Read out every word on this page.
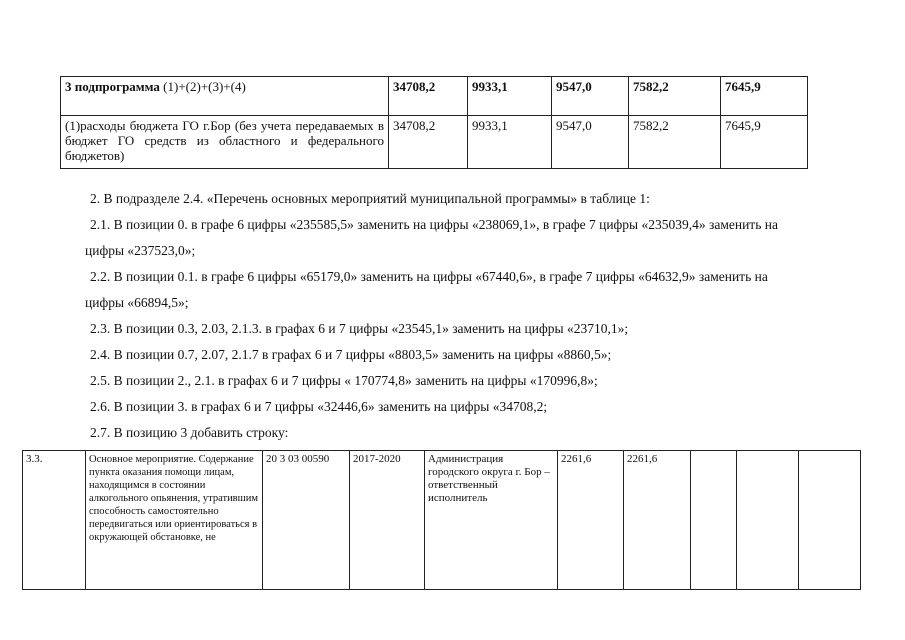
3 подпрограмма (1)+(2)+(3)+(4)	34708,2	9933,1	9547,0	7582,2	7645,9
(1)расходы бюджета ГО г.Бор (без учета передаваемых в бюджет ГО средств из областного и федерального бюджетов)	34708,2	9933,1	9547,0	7582,2	7645,9

2. В подразделе 2.4. «Перечень основных мероприятий муниципальной программы» в таблице 1:

2.1. В позиции 0. в графе 6 цифры «235585,5» заменить на цифры «238069,1», в графе 7 цифры «235039,4» заменить на

цифры «237523,0»;

2.2. В позиции 0.1. в графе 6 цифры «65179,0» заменить на цифры «67440,6», в графе 7 цифры «64632,9» заменить на

цифры «66894,5»;

2.3. В позиции 0.3, 2.03, 2.1.3. в графах 6 и 7 цифры «23545,1» заменить на цифры «23710,1»;

2.4. В позиции 0.7, 2.07, 2.1.7 в графах 6 и 7 цифры «8803,5» заменить на цифры «8860,5»;

2.5. В позиции 2., 2.1. в графах 6 и 7 цифры « 170774,8» заменить на цифры «170996,8»;

2.6. В позиции 3. в графах 6 и 7 цифры «32446,6» заменить на цифры «34708,2;

2.7. В позицию 3 добавить строку:

3.3.	Основное мероприятие. Содержание пункта оказания помощи лицам, находящимся в состоянии алкогольного опьянения, утратившим способность самостоятельно передвигаться или ориентироваться в окружающей обстановке, не	20 3 03 00590	2017-2020	Администрация городского округа г. Бор – ответственный исполнитель	2261,6	2261,6			
